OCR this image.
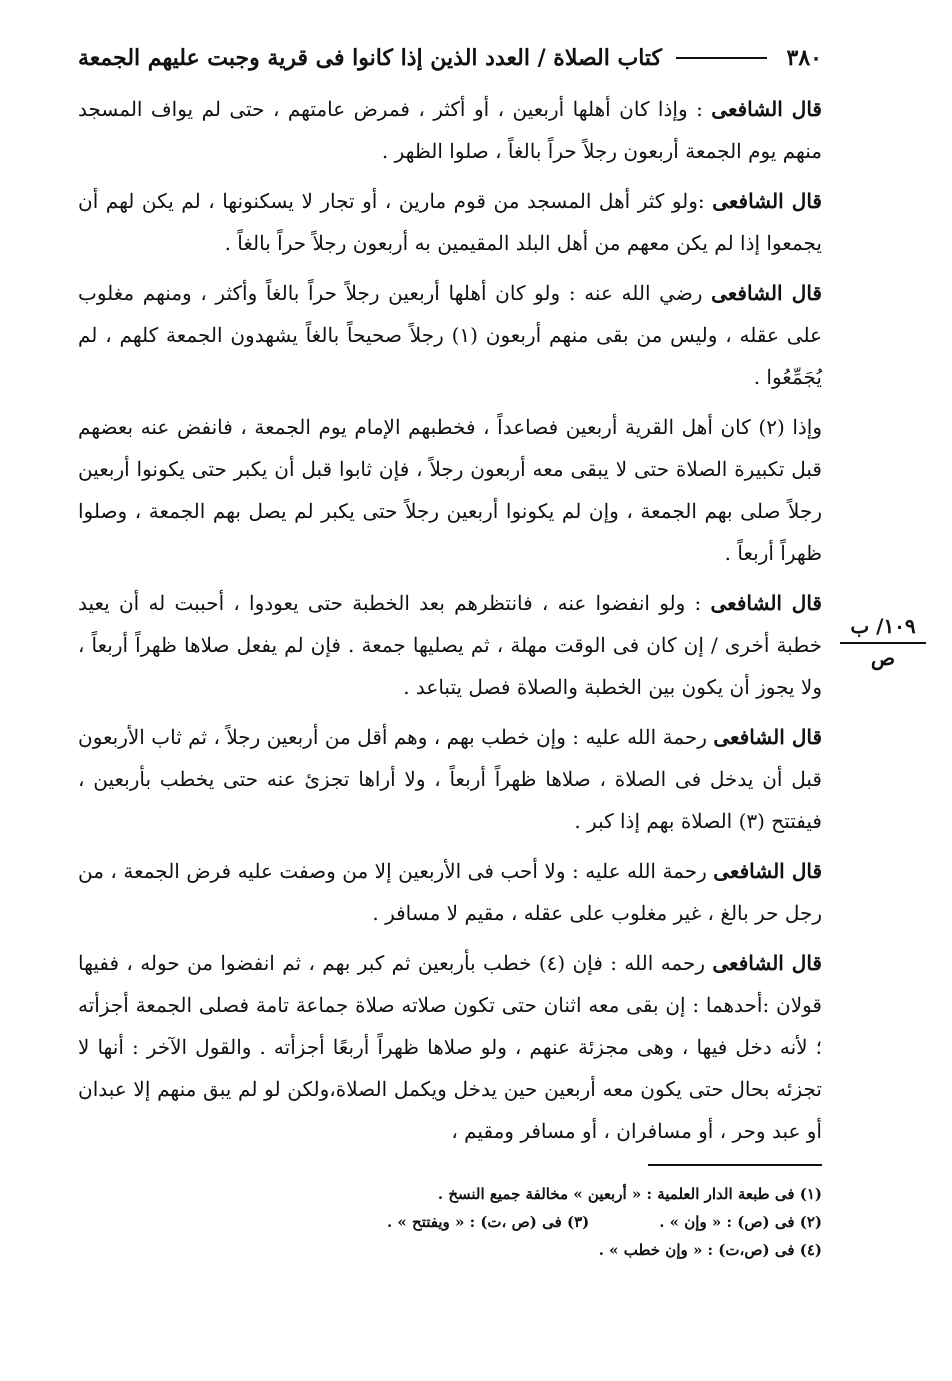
٣٨٠
كتاب الصلاة / العدد الذين إذا كانوا فى قرية وجبت عليهم الجمعة

قال الشافعى : وإذا كان أهلها أربعين ، أو أكثر ، فمرض عامتهم ، حتى لم يواف المسجد منهم يوم الجمعة أربعون رجلاً حراً بالغاً ، صلوا الظهر .

قال الشافعى :ولو كثر أهل المسجد من قوم مارين ، أو تجار لا يسكنونها ، لم يكن لهم أن يجمعوا إذا لم يكن معهم من أهل البلد المقيمين به أربعون رجلاً حراً بالغاً .

قال الشافعى رضي الله عنه : ولو كان أهلها أربعين رجلاً حراً بالغاً وأكثر ، ومنهم مغلوب على عقله ، وليس من بقى منهم أربعون (١) رجلاً صحيحاً بالغاً يشهدون الجمعة كلهم ، لم يُجَمِّعُوا .

وإذا (٢) كان أهل القرية أربعين فصاعداً ، فخطبهم الإمام يوم الجمعة ، فانفض عنه بعضهم قبل تكبيرة الصلاة حتى لا يبقى معه أربعون رجلاً ، فإن ثابوا قبل أن يكبر حتى يكونوا أربعين رجلاً صلى بهم الجمعة ، وإن لم يكونوا أربعين رجلاً حتى يكبر لم يصل بهم الجمعة ، وصلوا ظهراً أربعاً .

قال الشافعى : ولو انفضوا عنه ، فانتظرهم بعد الخطبة حتى يعودوا ، أحببت له أن يعيد خطبة أخرى / إن كان فى الوقت مهلة ، ثم يصليها جمعة . فإن لم يفعل صلاها ظهراً أربعاً ، ولا يجوز أن يكون بين الخطبة والصلاة فصل يتباعد .

قال الشافعى رحمة الله عليه : وإن خطب بهم ، وهم أقل من أربعين رجلاً ، ثم ثاب الأربعون قبل أن يدخل فى الصلاة ، صلاها ظهراً أربعاً ، ولا أراها تجزئ عنه حتى يخطب بأربعين ، فيفتتح (٣) الصلاة بهم إذا كبر .

قال الشافعى رحمة الله عليه : ولا أحب فى الأربعين إلا من وصفت عليه فرض الجمعة ، من رجل حر بالغ ، غير مغلوب على عقله ، مقيم لا مسافر .

قال الشافعى رحمه الله : فإن (٤) خطب بأربعين ثم كبر بهم ، ثم انفضوا من حوله ، ففيها قولان :أحدهما : إن بقى معه اثنان حتى تكون صلاته صلاة جماعة تامة فصلى الجمعة أجزأته ؛ لأنه دخل فيها ، وهى مجزئة عنهم ، ولو صلاها ظهراً أربعًا أجزأته . والقول الآخر : أنها لا تجزئه بحال حتى يكون معه أربعين حين يدخل ويكمل الصلاة،ولكن لو لم يبق منهم إلا عبدان أو عبد وحر ، أو مسافران ، أو مسافر ومقيم ،

١٠٩/ ب
ص
(١) فى طبعة الدار العلمية : « أربعين » مخالفة جميع النسخ .
(٢) فى (ص) : « وإن » .
(٣) فى (ص ،ت) : « ويفتتح » .
(٤) فى (ص،ت) : « وإن خطب » .
